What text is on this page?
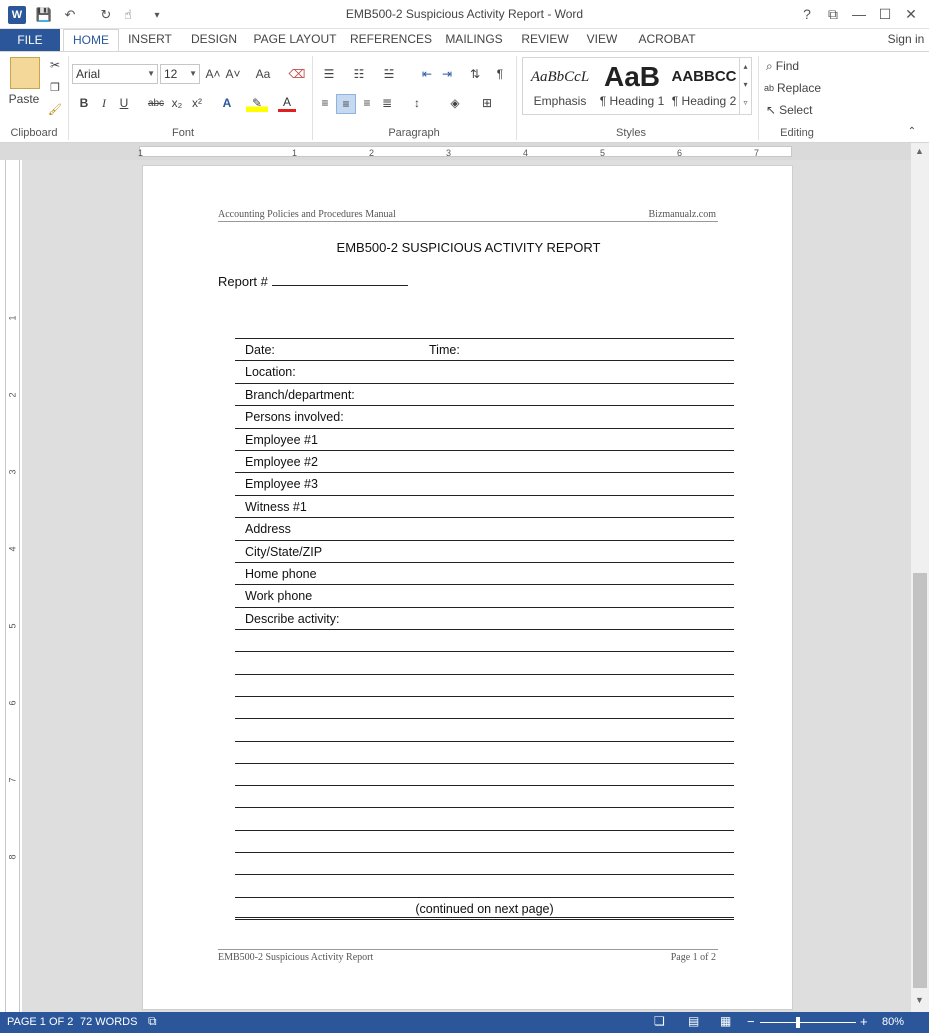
W 💾 ↶ ↻ ☝	▾	EMB500-2 Suspicious Activity Report - Word	?	⧉	— ☐ ✕
FILE	HOME	INSERT	DESIGN	PAGE LAYOUT REFERENCES MAILINGS REVIEW	VIEW	ACROBAT	Sign in
Paste
✂
❐
🖌
Clipboard
Arial	▼ 12 ▼ A˄ A˅	Aa	⌫
B	I	U	abc x₂ x²	A	✎	A
Font
☰	☷	☱	⇤ ⇥	⇅	¶
≡	≡	≡ ≣	↕	◈	⊞
Paragraph
AaBbCcL
Emphasis
AaB
¶ Heading 1
AABBCC
¶ Heading 2
▴
▾
▿
Styles
⌕ Find
ab Replace
↖ Select
Editing	⌃
1	1	2	3	4	5	6	7
1
2
3
4
5
6
7
8
Accounting Policies and Procedures Manual	Bizmanualz.com
EMB500-2 SUSPICIOUS ACTIVITY REPORT
Report #
Date:	Time:
Location:
Branch/department:
Persons involved:
Employee #1
Employee #2
Employee #3
Witness #1
Address
City/State/ZIP
Home phone
Work phone
Describe activity:
(continued on next page)
EMB500-2 Suspicious Activity Report	Page 1 of 2
▲
▼
PAGE 1 OF 2 72 WORDS ⧉	❏ ▤ ▦ −	+ 80%
